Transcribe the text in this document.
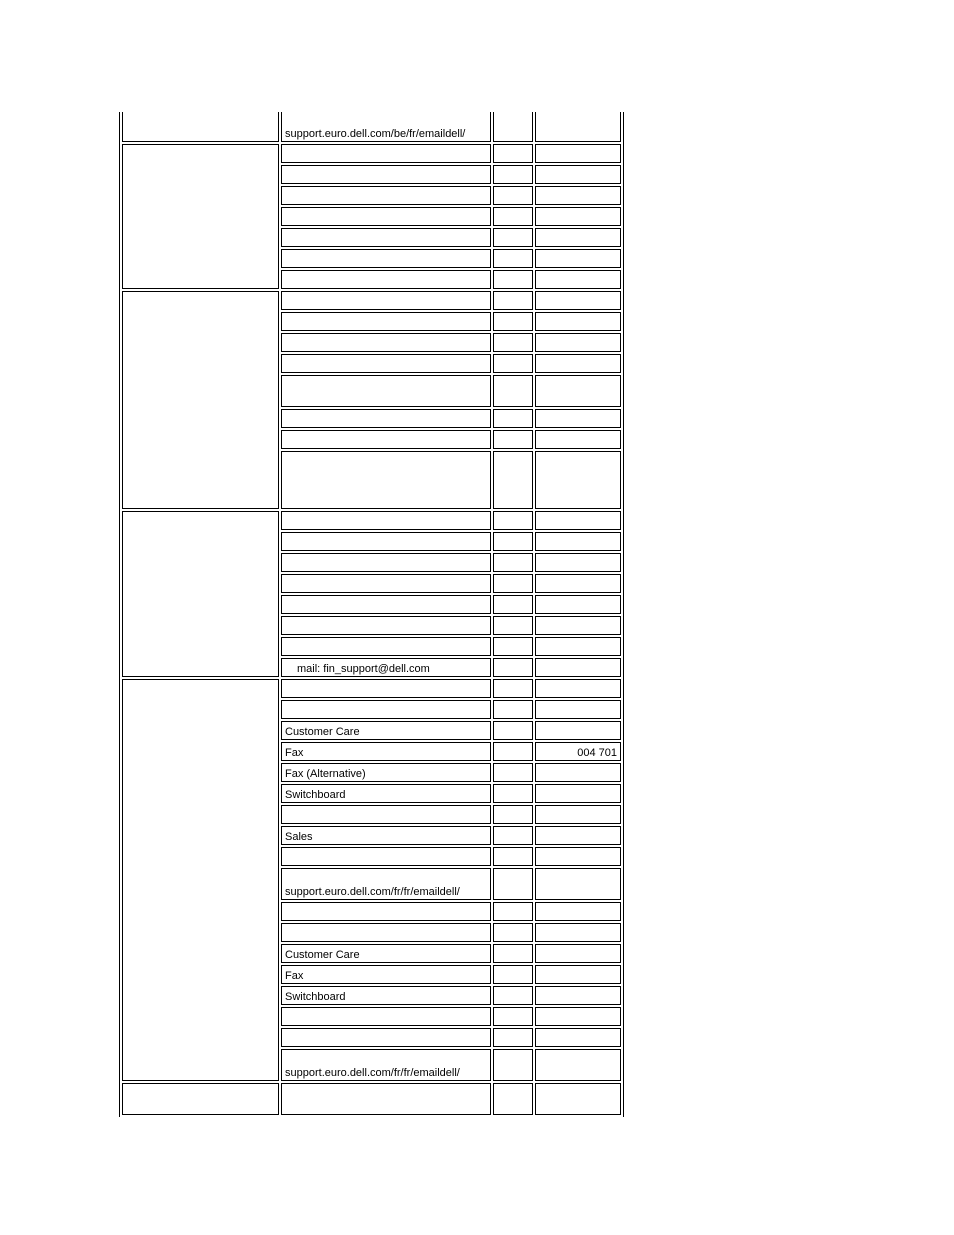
	support.euro.dell.com/be/fr/emaildell/		

	mail: fin_support@dell.com		

	Customer Care		
	Fax		004 701
	Fax (Alternative)		
	Switchboard		

	Sales		

	support.euro.dell.com/fr/fr/emaildell/		

	Customer Care		
	Fax		
	Switchboard		

	support.euro.dell.com/fr/fr/emaildell/		
